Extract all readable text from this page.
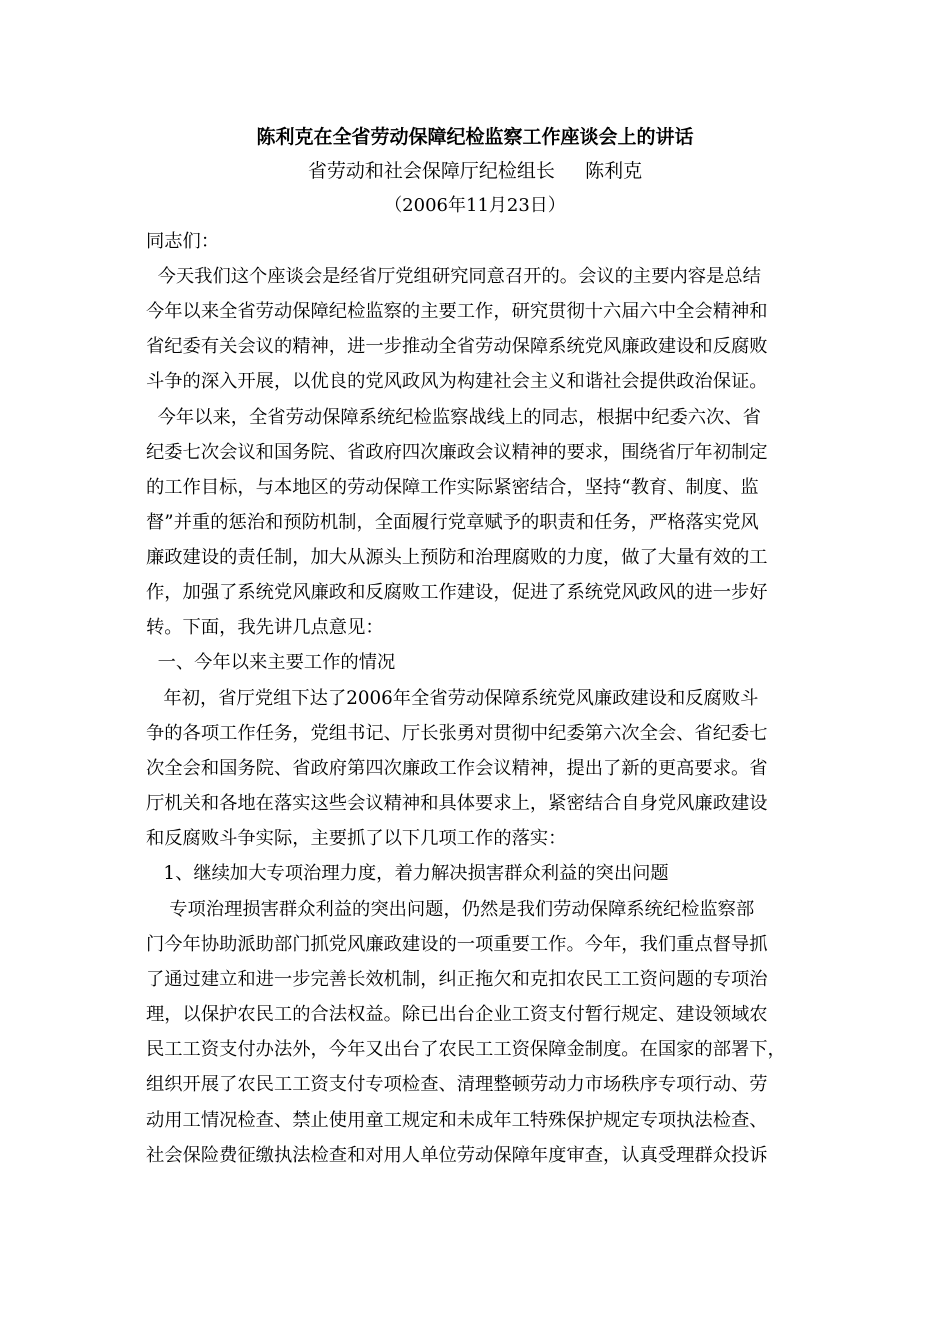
陈利克在全省劳动保障纪检监察工作座谈会上的讲话
省劳动和社会保障厅纪检组长     陈利克
（2006年11月23日）
同志们：
今天我们这个座谈会是经省厅党组研究同意召开的。会议的主要内容是总结
今年以来全省劳动保障纪检监察的主要工作，研究贯彻十六届六中全会精神和
省纪委有关会议的精神，进一步推动全省劳动保障系统党风廉政建设和反腐败
斗争的深入开展，以优良的党风政风为构建社会主义和谐社会提供政治保证。
今年以来，全省劳动保障系统纪检监察战线上的同志，根据中纪委六次、省
纪委七次会议和国务院、省政府四次廉政会议精神的要求，围绕省厅年初制定
的工作目标，与本地区的劳动保障工作实际紧密结合，坚持“教育、制度、监
督”并重的惩治和预防机制，全面履行党章赋予的职责和任务，严格落实党风
廉政建设的责任制，加大从源头上预防和治理腐败的力度，做了大量有效的工
作，加强了系统党风廉政和反腐败工作建设，促进了系统党风政风的进一步好
转。下面，我先讲几点意见：
一、今年以来主要工作的情况
年初，省厅党组下达了2006年全省劳动保障系统党风廉政建设和反腐败斗
争的各项工作任务，党组书记、厅长张勇对贯彻中纪委第六次全会、省纪委七
次全会和国务院、省政府第四次廉政工作会议精神，提出了新的更高要求。省
厅机关和各地在落实这些会议精神和具体要求上，紧密结合自身党风廉政建设
和反腐败斗争实际，主要抓了以下几项工作的落实：
1、继续加大专项治理力度，着力解决损害群众利益的突出问题
专项治理损害群众利益的突出问题，仍然是我们劳动保障系统纪检监察部
门今年协助派助部门抓党风廉政建设的一项重要工作。今年，我们重点督导抓
了通过建立和进一步完善长效机制，纠正拖欠和克扣农民工工资问题的专项治
理，以保护农民工的合法权益。除已出台企业工资支付暂行规定、建设领域农
民工工资支付办法外，今年又出台了农民工工资保障金制度。在国家的部署下，
组织开展了农民工工资支付专项检查、清理整顿劳动力市场秩序专项行动、劳
动用工情况检查、禁止使用童工规定和未成年工特殊保护规定专项执法检查、
社会保险费征缴执法检查和对用人单位劳动保障年度审查，认真受理群众投诉
